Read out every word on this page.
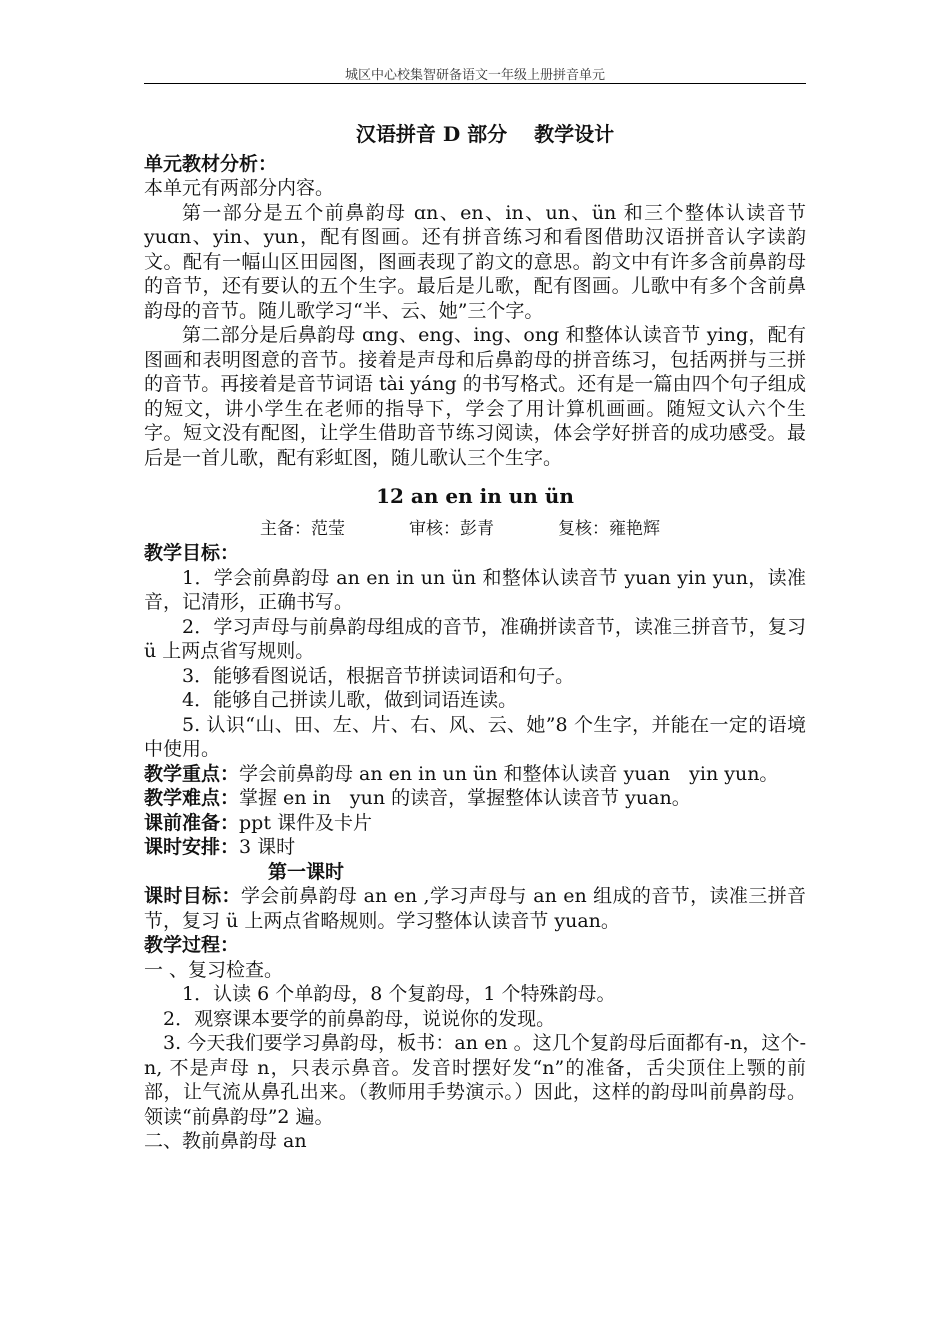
城区中心校集智研备语文一年级上册拼音单元

汉语拼音 D 部分　 教学设计

单元教材分析：

本单元有两部分内容。

第一部分是五个前鼻韵母 ɑn、en、in、un、ün 和三个整体认读音节 yuɑn、yin、yun，配有图画。还有拼音练习和看图借助汉语拼音认字读韵文。配有一幅山区田园图，图画表现了韵文的意思。韵文中有许多含前鼻韵母的音节，还有要认的五个生字。最后是儿歌，配有图画。儿歌中有多个含前鼻韵母的音节。随儿歌学习“半、云、她”三个字。

第二部分是后鼻韵母 ɑng、eng、ing、ong 和整体认读音节 ying，配有图画和表明图意的音节。接着是声母和后鼻韵母的拼音练习，包括两拼与三拼的音节。再接着是音节词语 tài yáng 的书写格式。还有是一篇由四个句子组成的短文，讲小学生在老师的指导下，学会了用计算机画画。随短文认六个生字。短文没有配图，让学生借助音节练习阅读，体会学好拼音的成功感受。最后是一首儿歌，配有彩虹图，随儿歌认三个生字。

12 an en in un ün

主备：范莹	审核：彭青	复核：雍艳辉

教学目标：

1．学会前鼻韵母 an en in un ün 和整体认读音节 yuan yin yun，读准音，记清形，正确书写。

2．学习声母与前鼻韵母组成的音节，准确拼读音节，读准三拼音节，复习 ü 上两点省写规则。

3．能够看图说话，根据音节拼读词语和句子。

4．能够自己拼读儿歌，做到词语连读。

5. 认识“山、田、左、片、右、风、云、她”8 个生字，并能在一定的语境中使用。

教学重点：学会前鼻韵母 an en in un ün 和整体认读音 yuan　yin yun。

教学难点：掌握 en in　yun 的读音，掌握整体认读音节 yuan。

课前准备：ppt 课件及卡片

课时安排：3 课时

第一课时

课时目标：学会前鼻韵母 an en ,学习声母与 an en 组成的音节，读准三拼音节，复习 ü 上两点省略规则。学习整体认读音节 yuan。

教学过程：

一 、复习检查。

1．认读 6 个单韵母，8 个复韵母，1 个特殊韵母。

2．观察课本要学的前鼻韵母，说说你的发现。

3. 今天我们要学习鼻韵母，板书：an en 。这几个复韵母后面都有-n，这个-n, 不是声母 n，只表示鼻音。发音时摆好发“n”的准备，舌尖顶住上颚的前部，让气流从鼻孔出来。（教师用手势演示。）因此，这样的韵母叫前鼻韵母。领读“前鼻韵母”2 遍。

二、教前鼻韵母 an
